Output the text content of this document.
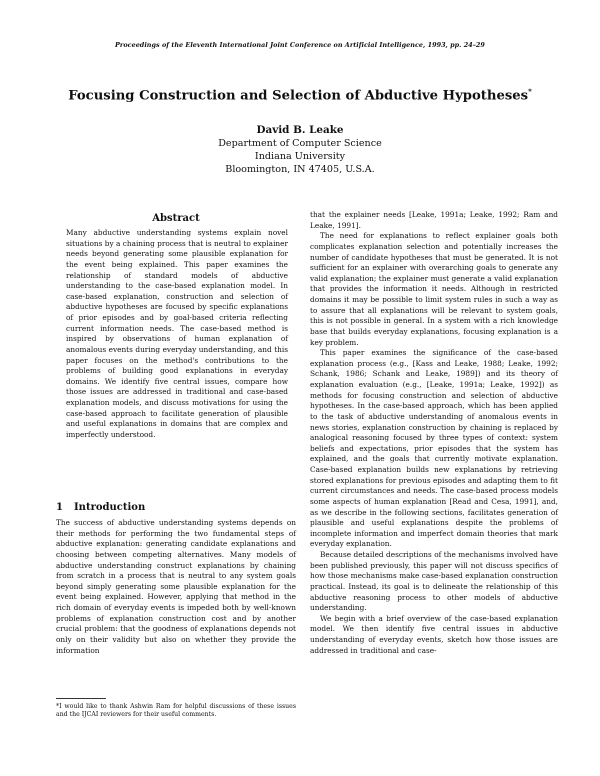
Proceedings of the Eleventh International Joint Conference on Artificial Intelligence, 1993, pp. 24–29
Focusing Construction and Selection of Abductive Hypotheses*
David B. Leake
Department of Computer Science
Indiana University
Bloomington, IN 47405, U.S.A.
Abstract
Many abductive understanding systems explain novel situations by a chaining process that is neutral to explainer needs beyond generating some plausible explanation for the event being explained. This paper examines the relationship of standard models of abductive understanding to the case-based explanation model. In case-based explanation, construction and selection of abductive hypotheses are focused by specific explanations of prior episodes and by goal-based criteria reflecting current information needs. The case-based method is inspired by observations of human explanation of anomalous events during everyday understanding, and this paper focuses on the method's contributions to the problems of building good explanations in everyday domains. We identify five central issues, compare how those issues are addressed in traditional and case-based explanation models, and discuss motivations for using the case-based approach to facilitate generation of plausible and useful explanations in domains that are complex and imperfectly understood.
1 Introduction
The success of abductive understanding systems depends on their methods for performing the two fundamental steps of abductive explanation: generating candidate explanations and choosing between competing alternatives. Many models of abductive understanding construct explanations by chaining from scratch in a process that is neutral to any system goals beyond simply generating some plausible explanation for the event being explained. However, applying that method in the rich domain of everyday events is impeded both by well-known problems of explanation construction cost and by another crucial problem: that the goodness of explanations depends not only on their validity but also on whether they provide the information
*I would like to thank Ashwin Ram for helpful discussions of these issues and the IJCAI reviewers for their useful comments.

that the explainer needs [Leake, 1991a; Leake, 1992; Ram and Leake, 1991].

The need for explanations to reflect explainer goals both complicates explanation selection and potentially increases the number of candidate hypotheses that must be generated. It is not sufficient for an explainer with overarching goals to generate any valid explanation; the explainer must generate a valid explanation that provides the information it needs. Although in restricted domains it may be possible to limit system rules in such a way as to assure that all explanations will be relevant to system goals, this is not possible in general. In a system with a rich knowledge base that builds everyday explanations, focusing explanation is a key problem.

This paper examines the significance of the case-based explanation process (e.g., [Kass and Leake, 1988; Leake, 1992; Schank, 1986; Schank and Leake, 1989]) and its theory of explanation evaluation (e.g., [Leake, 1991a; Leake, 1992]) as methods for focusing construction and selection of abductive hypotheses. In the case-based approach, which has been applied to the task of abductive understanding of anomalous events in news stories, explanation construction by chaining is replaced by analogical reasoning focused by three types of context: system beliefs and expectations, prior episodes that the system has explained, and the goals that currently motivate explanation. Case-based explanation builds new explanations by retrieving stored explanations for previous episodes and adapting them to fit current circumstances and needs. The case-based process models some aspects of human explanation [Read and Cesa, 1991], and, as we describe in the following sections, facilitates generation of plausible and useful explanations despite the problems of incomplete information and imperfect domain theories that mark everyday explanation.

Because detailed descriptions of the mechanisms involved have been published previously, this paper will not discuss specifics of how those mechanisms make case-based explanation construction practical. Instead, its goal is to delineate the relationship of this abductive reasoning process to other models of abductive understanding.

We begin with a brief overview of the case-based explanation model. We then identify five central issues in abductive understanding of everyday events, sketch how those issues are addressed in traditional and case-
